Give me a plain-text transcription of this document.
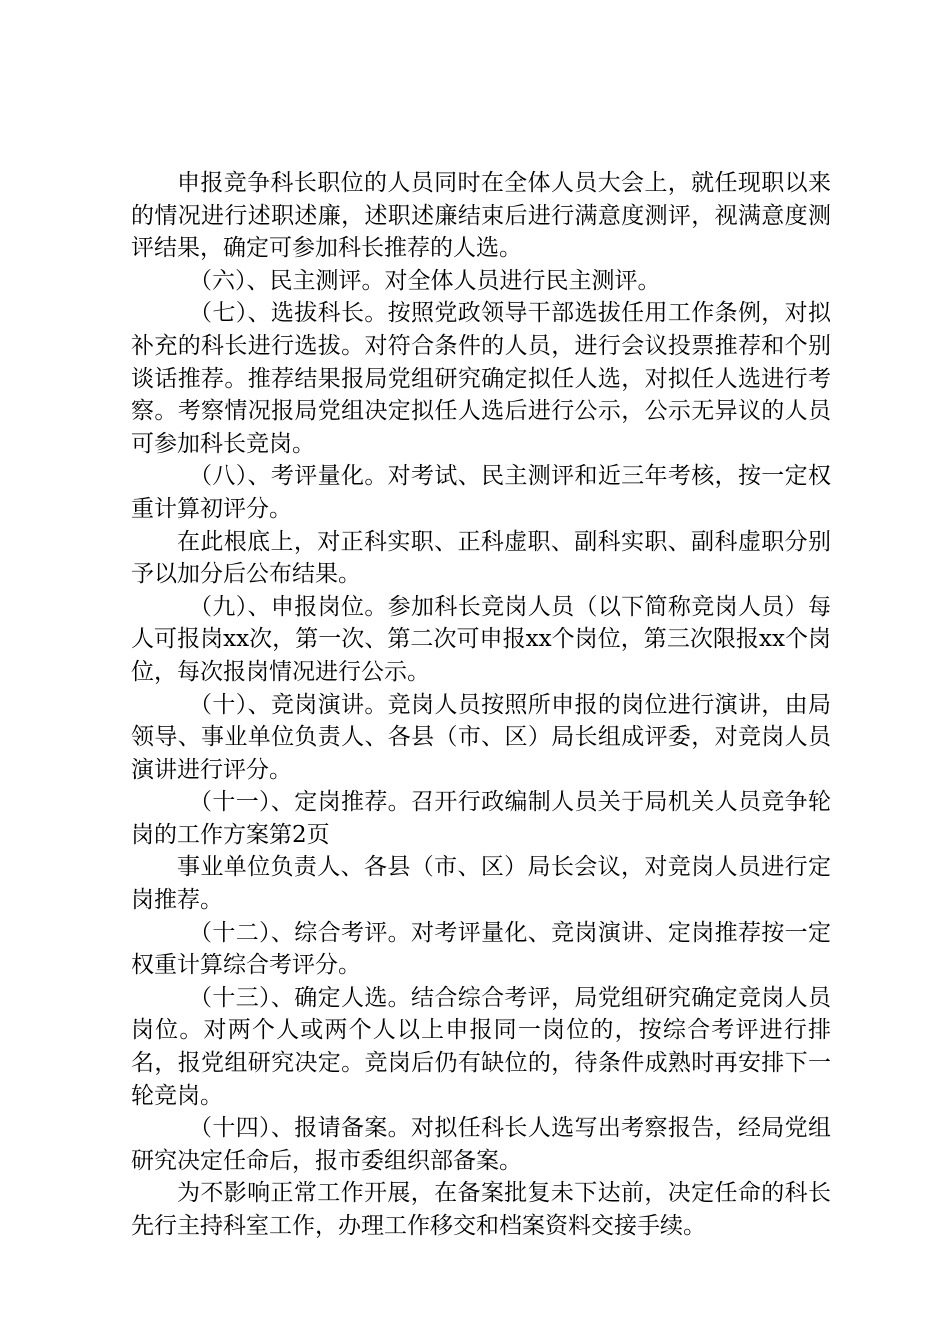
申报竞争科长职位的人员同时在全体人员大会上，就任现职以来的情况进行述职述廉，述职述廉结束后进行满意度测评，视满意度测评结果，确定可参加科长推荐的人选。

（六）、民主测评。对全体人员进行民主测评。

（七）、选拔科长。按照党政领导干部选拔任用工作条例，对拟补充的科长进行选拔。对符合条件的人员，进行会议投票推荐和个别谈话推荐。推荐结果报局党组研究确定拟任人选，对拟任人选进行考察。考察情况报局党组决定拟任人选后进行公示，公示无异议的人员可参加科长竞岗。

（八）、考评量化。对考试、民主测评和近三年考核，按一定权重计算初评分。

在此根底上，对正科实职、正科虚职、副科实职、副科虚职分别予以加分后公布结果。

（九）、申报岗位。参加科长竞岗人员（以下简称竞岗人员）每人可报岗xx次，第一次、第二次可申报xx个岗位，第三次限报xx个岗位，每次报岗情况进行公示。

（十）、竞岗演讲。竞岗人员按照所申报的岗位进行演讲，由局领导、事业单位负责人、各县（市、区）局长组成评委，对竞岗人员演讲进行评分。

（十一）、定岗推荐。召开行政编制人员关于局机关人员竞争轮岗的工作方案第2页

事业单位负责人、各县（市、区）局长会议，对竞岗人员进行定岗推荐。

（十二）、综合考评。对考评量化、竞岗演讲、定岗推荐按一定权重计算综合考评分。

（十三）、确定人选。结合综合考评，局党组研究确定竞岗人员岗位。对两个人或两个人以上申报同一岗位的，按综合考评进行排名，报党组研究决定。竞岗后仍有缺位的，待条件成熟时再安排下一轮竞岗。

（十四）、报请备案。对拟任科长人选写出考察报告，经局党组研究决定任命后，报市委组织部备案。

为不影响正常工作开展，在备案批复未下达前，决定任命的科长先行主持科室工作，办理工作移交和档案资料交接手续。
